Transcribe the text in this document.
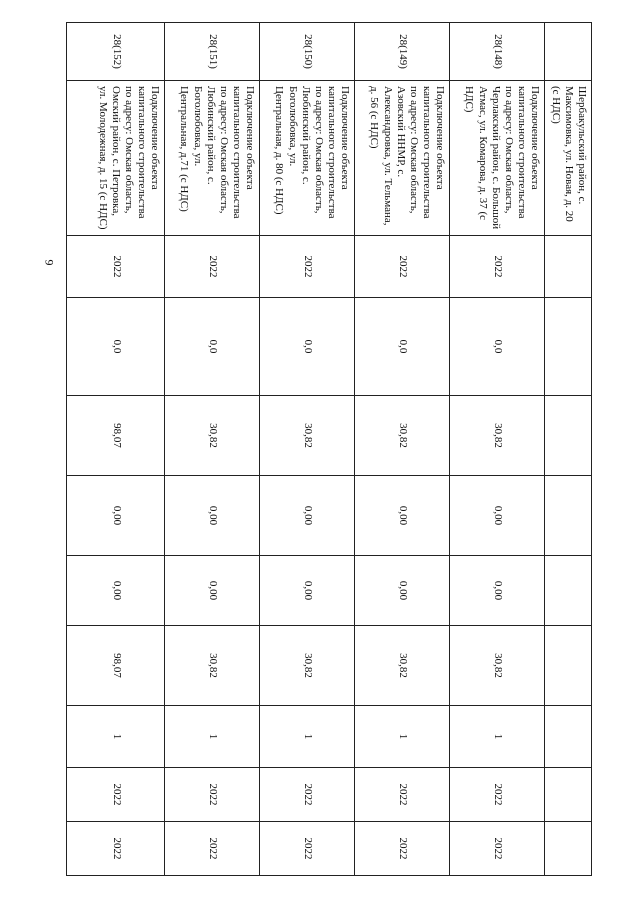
9
	Шербакульский район, с. Максимовка, ул. Новая, д. 20 (с НДС)									
28(148)	Подключение объекта капитального строительства по адресу: Омская область, Черлакский район, с. Большой Атмас, ул. Комарова, д. 37 (с НДС)	2022	0,0	30,82	0,00	0,00	30,82	1	2022	2022
28(149)	Подключение объекта капитального строительства по адресу: Омская область, Азовский ННМР, с. Александровка, ул. Тельмана, д. 56 (с НДС)	2022	0,0	30,82	0,00	0,00	30,82	1	2022	2022
28(150)	Подключение объекта капитального строительства по адресу: Омская область, Любинский район, с. Боголюбовка, ул. Центральная, д. 80 (с НДС)	2022	0,0	30,82	0,00	0,00	30,82	1	2022	2022
28(151)	Подключение объекта капитального строительства по адресу: Омская область, Любинский район, с. Боголюбовка, ул. Центральная, д.71 (с НДС)	2022	0,0	30,82	0,00	0,00	30,82	1	2022	2022
28(152)	Подключение объекта капитального строительства по адресу: Омская область, Омский район, с. Петровка, ул. Молодежная, д. 15 (с НДС)	2022	0,0	98,07	0,00	0,00	98,07	1	2022	2022
